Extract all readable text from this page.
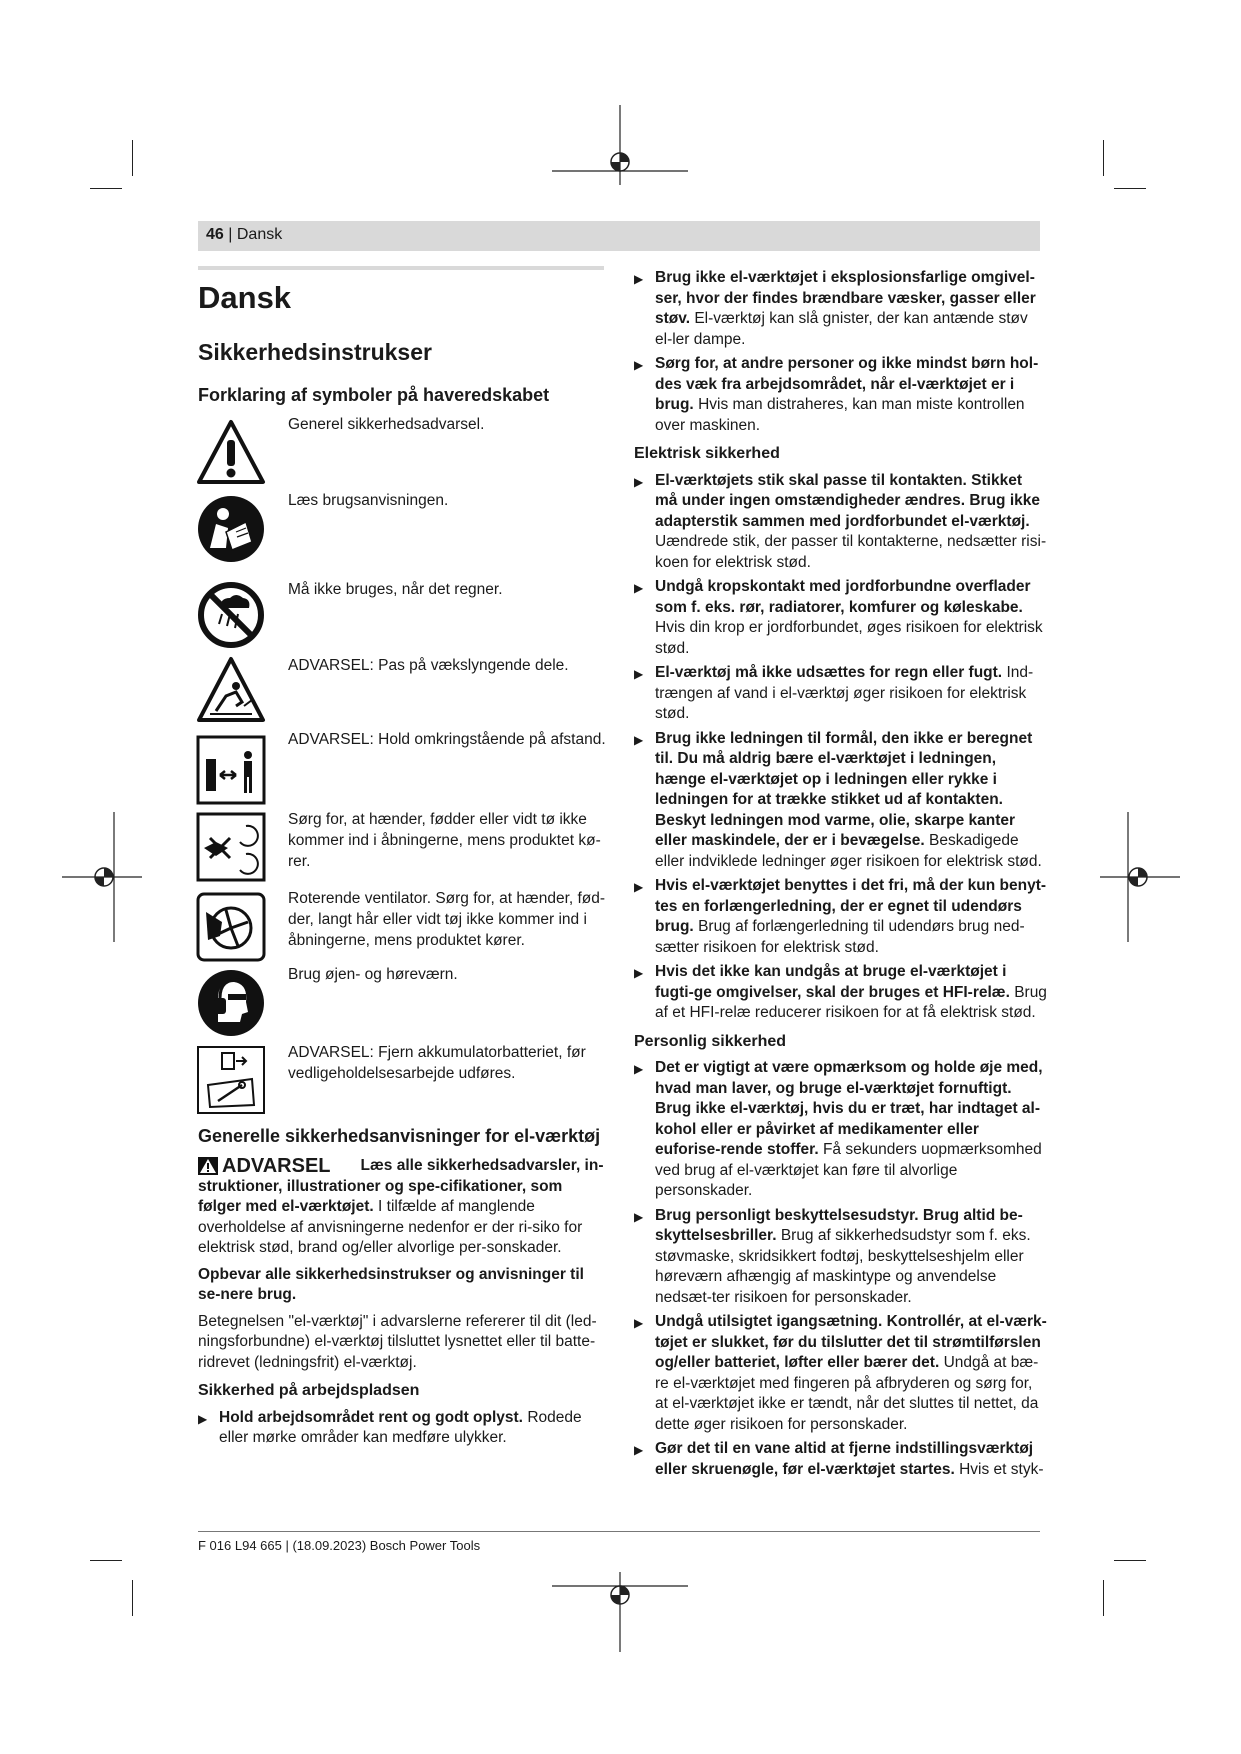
46 | Dansk
Dansk
Sikkerhedsinstrukser
Forklaring af symboler på haveredskabet
Generel sikkerhedsadvarsel.
Læs brugsanvisningen.
Må ikke bruges, når det regner.
ADVARSEL: Pas på vækslyngende dele.
ADVARSEL: Hold omkringstående på afstand.
Sørg for, at hænder, fødder eller vidt tø ikke kommer ind i åbningerne, mens produktet kø-rer.
Roterende ventilator. Sørg for, at hænder, fød-der, langt hår eller vidt tøj ikke kommer ind i åbningerne, mens produktet kører.
Brug øjen- og høreværn.
ADVARSEL: Fjern akkumulatorbatteriet, før vedligeholdelsesarbejde udføres.
Generelle sikkerhedsanvisninger for el-værktøj
ADVARSEL Læs alle sikkerhedsadvarsler, in-struktioner, illustrationer og spe-cifikationer, som følger med el-værktøjet. I tilfælde af manglende overholdelse af anvisningerne nedenfor er der ri-siko for elektrisk stød, brand og/eller alvorlige per-sonskader.
Opbevar alle sikkerhedsinstrukser og anvisninger til se-nere brug.
Betegnelsen "el-værktøj" i advarslerne refererer til dit (led-ningsforbundne) el-værktøj tilsluttet lysnettet eller til batte-ridrevet (ledningsfrit) el-værktøj.
Sikkerhed på arbejdspladsen
▶ Hold arbejdsområdet rent og godt oplyst. Rodede eller mørke områder kan medføre ulykker.
▶ Brug ikke el-værktøjet i eksplosionsfarlige omgivel-ser, hvor der findes brændbare væsker, gasser eller støv. El-værktøj kan slå gnister, der kan antænde støv el-ler dampe.
▶ Sørg for, at andre personer og ikke mindst børn hol-des væk fra arbejdsområdet, når el-værktøjet er i brug. Hvis man distraheres, kan man miste kontrollen over maskinen.
Elektrisk sikkerhed
▶ El-værktøjets stik skal passe til kontakten. Stikket må under ingen omstændigheder ændres. Brug ikke adapterstik sammen med jordforbundet el-værktøj. Uændrede stik, der passer til kontakterne, nedsætter risi-koen for elektrisk stød.
▶ Undgå kropskontakt med jordforbundne overflader som f. eks. rør, radiatorer, komfurer og køleskabe. Hvis din krop er jordforbundet, øges risikoen for elektrisk stød.
▶ El-værktøj må ikke udsættes for regn eller fugt. Ind-trængen af vand i el-værktøj øger risikoen for elektrisk stød.
▶ Brug ikke ledningen til formål, den ikke er beregnet til. Du må aldrig bære el-værktøjet i ledningen, hænge el-værktøjet op i ledningen eller rykke i ledningen for at trække stikket ud af kontakten. Beskyt ledningen mod varme, olie, skarpe kanter eller maskindele, der er i bevægelse. Beskadigede eller indviklede ledninger øger risikoen for elektrisk stød.
▶ Hvis el-værktøjet benyttes i det fri, må der kun benyt-tes en forlængerledning, der er egnet til udendørs brug. Brug af forlængerledning til udendørs brug ned-sætter risikoen for elektrisk stød.
▶ Hvis det ikke kan undgås at bruge el-værktøjet i fugti-ge omgivelser, skal der bruges et HFI-relæ. Brug af et HFI-relæ reducerer risikoen for at få elektrisk stød.
Personlig sikkerhed
▶ Det er vigtigt at være opmærksom og holde øje med, hvad man laver, og bruge el-værktøjet fornuftigt. Brug ikke el-værktøj, hvis du er træt, har indtaget al-kohol eller er påvirket af medikamenter eller euforise-rende stoffer. Få sekunders uopmærksomhed ved brug af el-værktøjet kan føre til alvorlige personskader.
▶ Brug personligt beskyttelsesudstyr. Brug altid be-skyttelsesbriller. Brug af sikkerhedsudstyr som f. eks. støvmaske, skridsikkert fodtøj, beskyttelseshjelm eller høreværn afhængig af maskintype og anvendelse nedsæt-ter risikoen for personskader.
▶ Undgå utilsigtet igangsætning. Kontrollér, at el-værk-tøjet er slukket, før du tilslutter det til strømtilførslen og/eller batteriet, løfter eller bærer det. Undgå at bæ-re el-værktøjet med fingeren på afbryderen og sørg for, at el-værktøjet ikke er tændt, når det sluttes til nettet, da dette øger risikoen for personskader.
▶ Gør det til en vane altid at fjerne indstillingsværktøj eller skruenøgle, før el-værktøjet startes. Hvis et styk-
F 016 L94 665 | (18.09.2023) Bosch Power Tools
